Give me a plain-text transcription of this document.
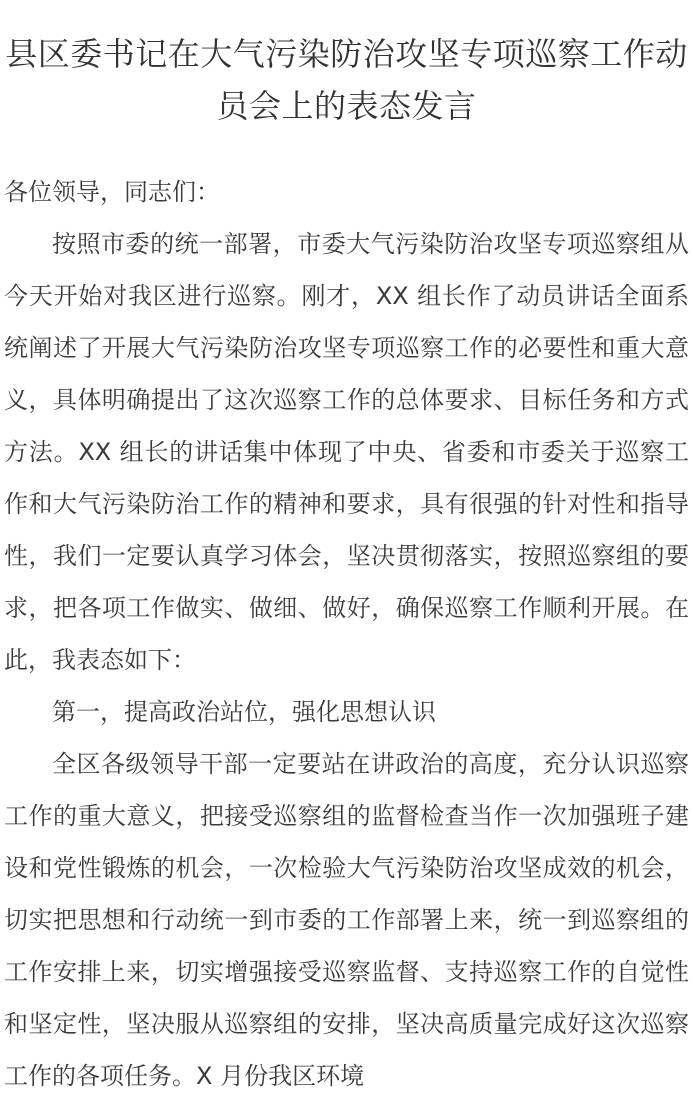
县区委书记在大气污染防治攻坚专项巡察工作动员会上的表态发言

各位领导，同志们：

按照市委的统一部署，市委大气污染防治攻坚专项巡察组从今天开始对我区进行巡察。刚才，XX 组长作了动员讲话全面系统阐述了开展大气污染防治攻坚专项巡察工作的必要性和重大意义，具体明确提出了这次巡察工作的总体要求、目标任务和方式方法。XX 组长的讲话集中体现了中央、省委和市委关于巡察工作和大气污染防治工作的精神和要求，具有很强的针对性和指导性，我们一定要认真学习体会，坚决贯彻落实，按照巡察组的要求，把各项工作做实、做细、做好，确保巡察工作顺利开展。在此，我表态如下：

第一，提高政治站位，强化思想认识

全区各级领导干部一定要站在讲政治的高度，充分认识巡察工作的重大意义，把接受巡察组的监督检查当作一次加强班子建设和党性锻炼的机会，一次检验大气污染防治攻坚成效的机会，切实把思想和行动统一到市委的工作部署上来，统一到巡察组的工作安排上来，切实增强接受巡察监督、支持巡察工作的自觉性和坚定性，坚决服从巡察组的安排，坚决高质量完成好这次巡察工作的各项任务。X 月份我区环境
